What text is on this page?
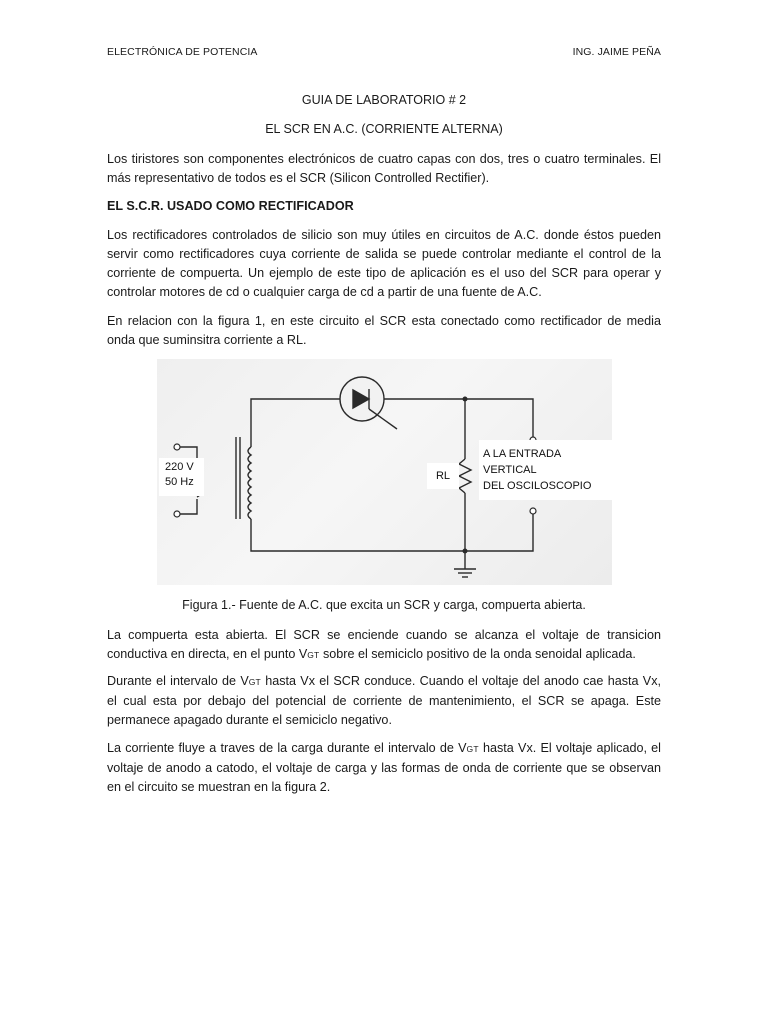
ELECTRÓNICA DE POTENCIA	ING. JAIME PEÑA
GUIA DE LABORATORIO # 2
EL SCR EN A.C. (CORRIENTE ALTERNA)

Los tiristores son componentes electrónicos de cuatro capas con dos, tres o cuatro terminales. El más representativo de todos es el SCR (Silicon Controlled Rectifier).

EL S.C.R. USADO COMO RECTIFICADOR

Los rectificadores controlados de silicio son muy útiles en circuitos de A.C. donde éstos pueden servir como rectificadores cuya corriente de salida se puede controlar mediante el control de la corriente de compuerta. Un ejemplo de este tipo de aplicación es el uso del SCR para operar y controlar motores de cd o cualquier carga de cd a partir de una fuente de A.C.

En relacion con la figura 1, en este circuito el SCR esta conectado como rectificador de media onda que suminsitra corriente a RL.

220 V
50 Hz	RL
A LA ENTRADA VERTICAL
DEL OSCILOSCOPIO
Figura 1.- Fuente de A.C. que excita un SCR y carga, compuerta abierta.

La compuerta esta abierta. El SCR se enciende cuando se alcanza el voltaje de transicion conductiva en directa, en el punto VGT sobre el semiciclo positivo de la onda senoidal aplicada.

Durante el intervalo de VGT hasta Vx el SCR conduce. Cuando el voltaje del anodo cae hasta Vx, el cual esta por debajo del potencial de corriente de mantenimiento, el SCR se apaga. Este permanece apagado durante el semiciclo negativo.

La corriente fluye a traves de la carga durante el intervalo de VGT hasta Vx. El voltaje aplicado, el voltaje de anodo a catodo, el voltaje de carga y las formas de onda de corriente que se observan en el circuito se muestran en la figura 2.
